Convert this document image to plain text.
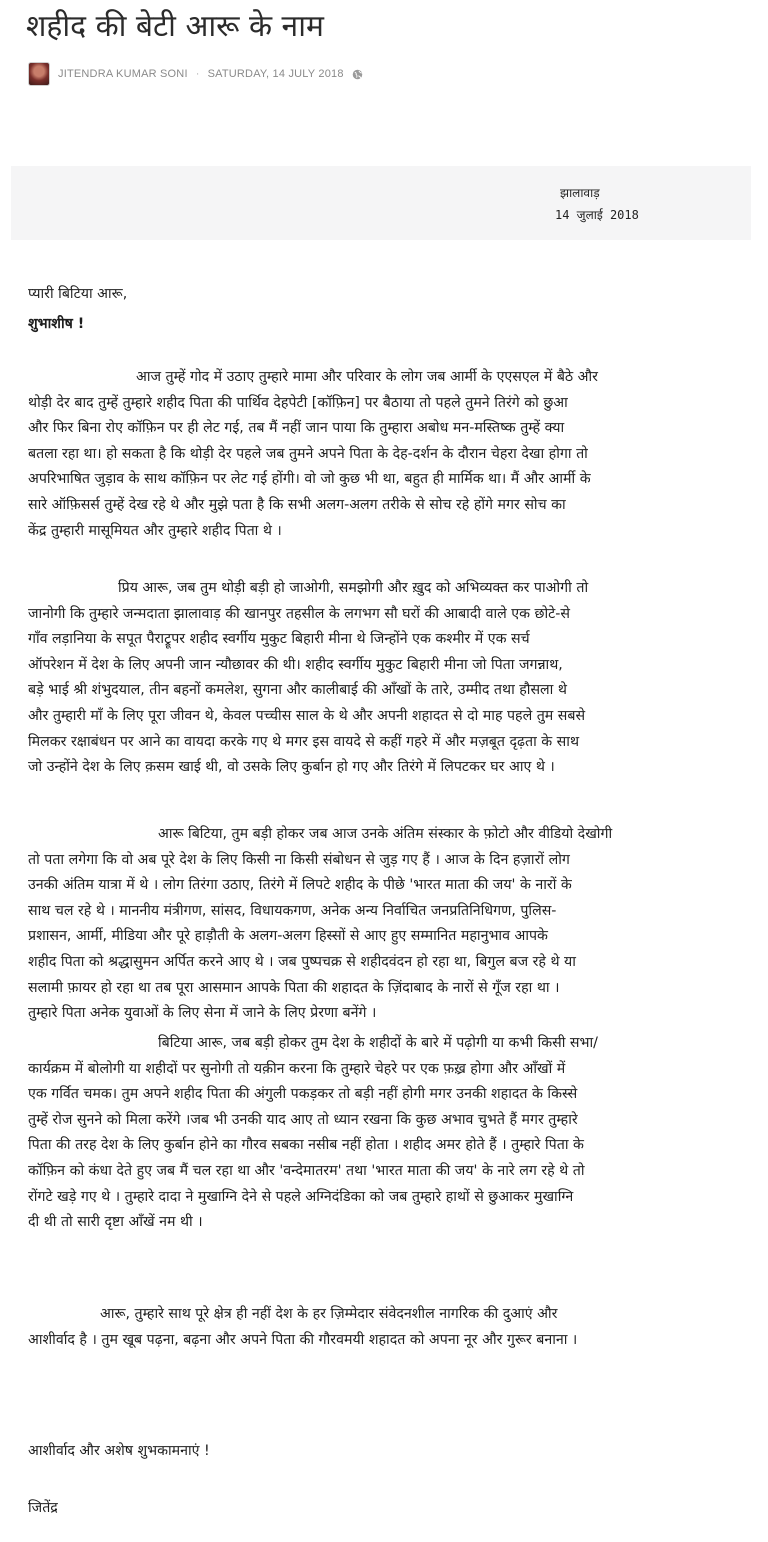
शहीद की बेटी आरू के नाम
JITENDRA KUMAR SONI · SATURDAY, 14 JULY 2018
झालावाड़
14 जुलाई 2018
प्यारी बिटिया आरू,
शुभाशीष !
आज तुम्हें गोद में उठाए तुम्हारे मामा और परिवार के लोग जब आर्मी के एएसएल में बैठे और
थोड़ी देर बाद तुम्हें तुम्हारे शहीद पिता की पार्थिव देहपेटी [कॉफ़िन] पर बैठाया तो पहले तुमने तिरंगे को छुआ
और फिर बिना रोए कॉफ़िन पर ही लेट गई, तब मैं नहीं जान पाया कि तुम्हारा अबोध मन-मस्तिष्क तुम्हें क्या
बतला रहा था। हो सकता है कि थोड़ी देर पहले जब तुमने अपने पिता के देह-दर्शन के दौरान चेहरा देखा होगा तो
अपरिभाषित जुड़ाव के साथ कॉफ़िन पर लेट गई होंगी। वो जो कुछ भी था, बहुत ही मार्मिक था। मैं और आर्मी के
सारे ऑफ़िसर्स तुम्हें देख रहे थे और मुझे पता है कि सभी अलग-अलग तरीके से सोच रहे होंगे मगर सोच का
केंद्र तुम्हारी मासूमियत और तुम्हारे शहीद पिता थे ।
प्रिय आरू, जब तुम थोड़ी बड़ी हो जाओगी, समझोगी और ख़ुद को अभिव्यक्त कर पाओगी तो
जानोगी कि तुम्हारे जन्मदाता झालावाड़ की खानपुर तहसील के लगभग सौ घरों की आबादी वाले एक छोटे-से
गाँव लड़ानिया के सपूत पैराट्रूपर शहीद स्वर्गीय मुकुट बिहारी मीना थे जिन्होंने एक कश्मीर में एक सर्च
ऑपरेशन में देश के लिए अपनी जान न्यौछावर की थी। शहीद स्वर्गीय मुकुट बिहारी मीना जो पिता जगन्नाथ,
बड़े भाई श्री शंभुदयाल, तीन बहनों कमलेश, सुगना और कालीबाई की आँखों के तारे, उम्मीद तथा हौसला थे
और तुम्हारी माँ के लिए पूरा जीवन थे, केवल पच्चीस साल के थे और अपनी शहादत से दो माह पहले तुम सबसे
मिलकर रक्षाबंधन पर आने का वायदा करके गए थे मगर इस वायदे से कहीं गहरे में और मज़बूत दृढ़ता के साथ
जो उन्होंने देश के लिए क़सम खाई थी, वो उसके लिए कुर्बान हो गए और तिरंगे में लिपटकर घर आए थे ।
आरू बिटिया, तुम बड़ी होकर जब आज उनके अंतिम संस्कार के फ़ोटो और वीडियो देखोगी
तो पता लगेगा कि वो अब पूरे देश के लिए किसी ना किसी संबोधन से जुड़ गए हैं । आज के दिन हज़ारों लोग
उनकी अंतिम यात्रा में थे । लोग तिरंगा उठाए, तिरंगे में लिपटे शहीद के पीछे 'भारत माता की जय' के नारों के
साथ चल रहे थे । माननीय मंत्रीगण, सांसद, विधायकगण, अनेक अन्य निर्वाचित जनप्रतिनिधिगण, पुलिस-
प्रशासन, आर्मी, मीडिया और पूरे हाड़ौती के अलग-अलग हिस्सों से आए हुए सम्मानित महानुभाव आपके
शहीद पिता को श्रद्धासुमन अर्पित करने आए थे । जब पुष्पचक्र से शहीदवंदन हो रहा था, बिगुल बज रहे थे या
सलामी फ़ायर हो रहा था तब पूरा आसमान आपके पिता की शहादत के ज़िंदाबाद के नारों से गूँज रहा था ।
तुम्हारे पिता अनेक युवाओं के लिए सेना में जाने के लिए प्रेरणा बनेंगे ।
बिटिया आरू, जब बड़ी होकर तुम देश के शहीदों के बारे में पढ़ोगी या कभी किसी सभा/
कार्यक्रम में बोलोगी या शहीदों पर सुनोगी तो यक़ीन करना कि तुम्हारे चेहरे पर एक फ़ख़्र होगा और आँखों में
एक गर्वित चमक। तुम अपने शहीद पिता की अंगुली पकड़कर तो बड़ी नहीं होगी मगर उनकी शहादत के किस्से
तुम्हें रोज सुनने को मिला करेंगे ।जब भी उनकी याद आए तो ध्यान रखना कि कुछ अभाव चुभते हैं मगर तुम्हारे
पिता की तरह देश के लिए कुर्बान होने का गौरव सबका नसीब नहीं होता । शहीद अमर होते हैं । तुम्हारे पिता के
कॉफ़िन को कंधा देते हुए जब मैं चल रहा था और 'वन्देमातरम' तथा 'भारत माता की जय' के नारे लग रहे थे तो
रोंगटे खड़े गए थे । तुम्हारे दादा ने मुखाग्नि देने से पहले अग्निदंडिका को जब तुम्हारे हाथों से छुआकर मुखाग्नि
दी थी तो सारी दृष्टा आँखें नम थी ।
आरू, तुम्हारे साथ पूरे क्षेत्र ही नहीं देश के हर ज़िम्मेदार संवेदनशील नागरिक की दुआएं और
आशीर्वाद है । तुम खूब पढ़ना, बढ़ना और अपने पिता की गौरवमयी शहादत को अपना नूर और गुरूर बनाना ।
आशीर्वाद और अशेष शुभकामनाएं !
जितेंद्र
